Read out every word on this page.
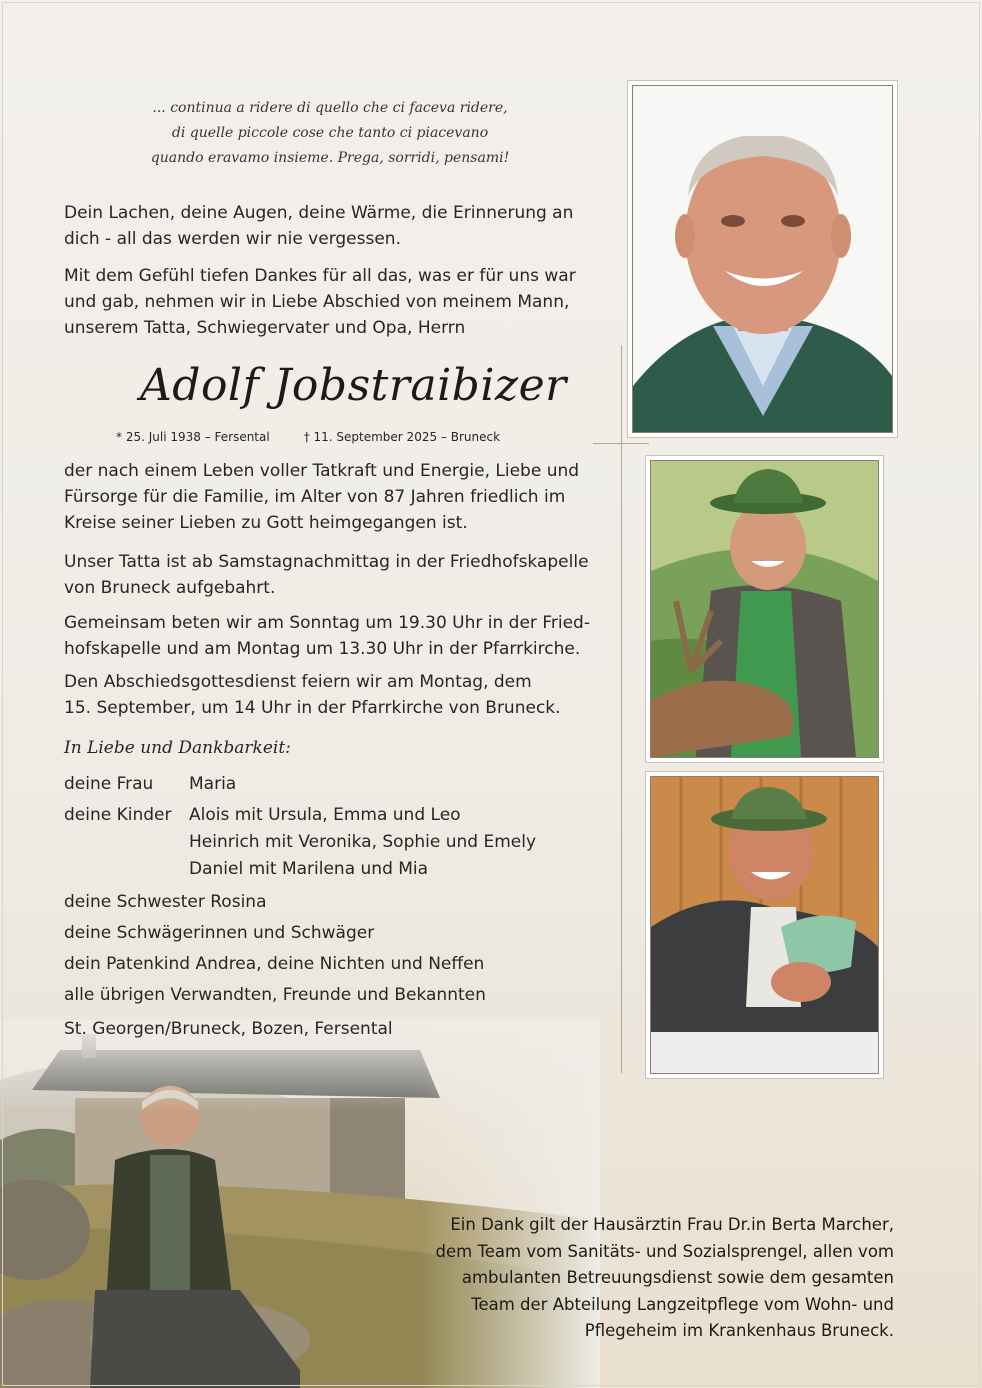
... continua a ridere di quello che ci faceva ridere,
di quelle piccole cose che tanto ci piacevano
quando eravamo insieme. Prega, sorridi, pensami!
Dein Lachen, deine Augen, deine Wärme, die Erinnerung an
dich - all das werden wir nie vergessen.
Mit dem Gefühl tiefen Dankes für all das, was er für uns war
und gab, nehmen wir in Liebe Abschied von meinem Mann,
unserem Tatta, Schwiegervater und Opa, Herrn
Adolf Jobstraibizer
* 25. Juli 1938 – Fersental	† 11. September 2025 – Bruneck
der nach einem Leben voller Tatkraft und Energie, Liebe und
Fürsorge für die Familie, im Alter von 87 Jahren friedlich im
Kreise seiner Lieben zu Gott heimgegangen ist.
Unser Tatta ist ab Samstagnachmittag in der Friedhofskapelle
von Bruneck aufgebahrt.
Gemeinsam beten wir am Sonntag um 19.30 Uhr in der Fried-
hofskapelle und am Montag um 13.30 Uhr in der Pfarrkirche.
Den Abschiedsgottesdienst feiern wir am Montag, dem
15. September, um 14 Uhr in der Pfarrkirche von Bruneck.
In Liebe und Dankbarkeit:
deine Frau Maria
deine Kinder Alois mit Ursula, Emma und Leo
Heinrich mit Veronika, Sophie und Emely
Daniel mit Marilena und Mia
deine Schwester Rosina
deine Schwägerinnen und Schwäger
dein Patenkind Andrea, deine Nichten und Neffen
alle übrigen Verwandten, Freunde und Bekannten
St. Georgen/Bruneck, Bozen, Fersental
Ein Dank gilt der Hausärztin Frau Dr.in Berta Marcher,
dem Team vom Sanitäts- und Sozialsprengel, allen vom
ambulanten Betreuungsdienst sowie dem gesamten
Team der Abteilung Langzeitpflege vom Wohn- und
Pflegeheim im Krankenhaus Bruneck.
